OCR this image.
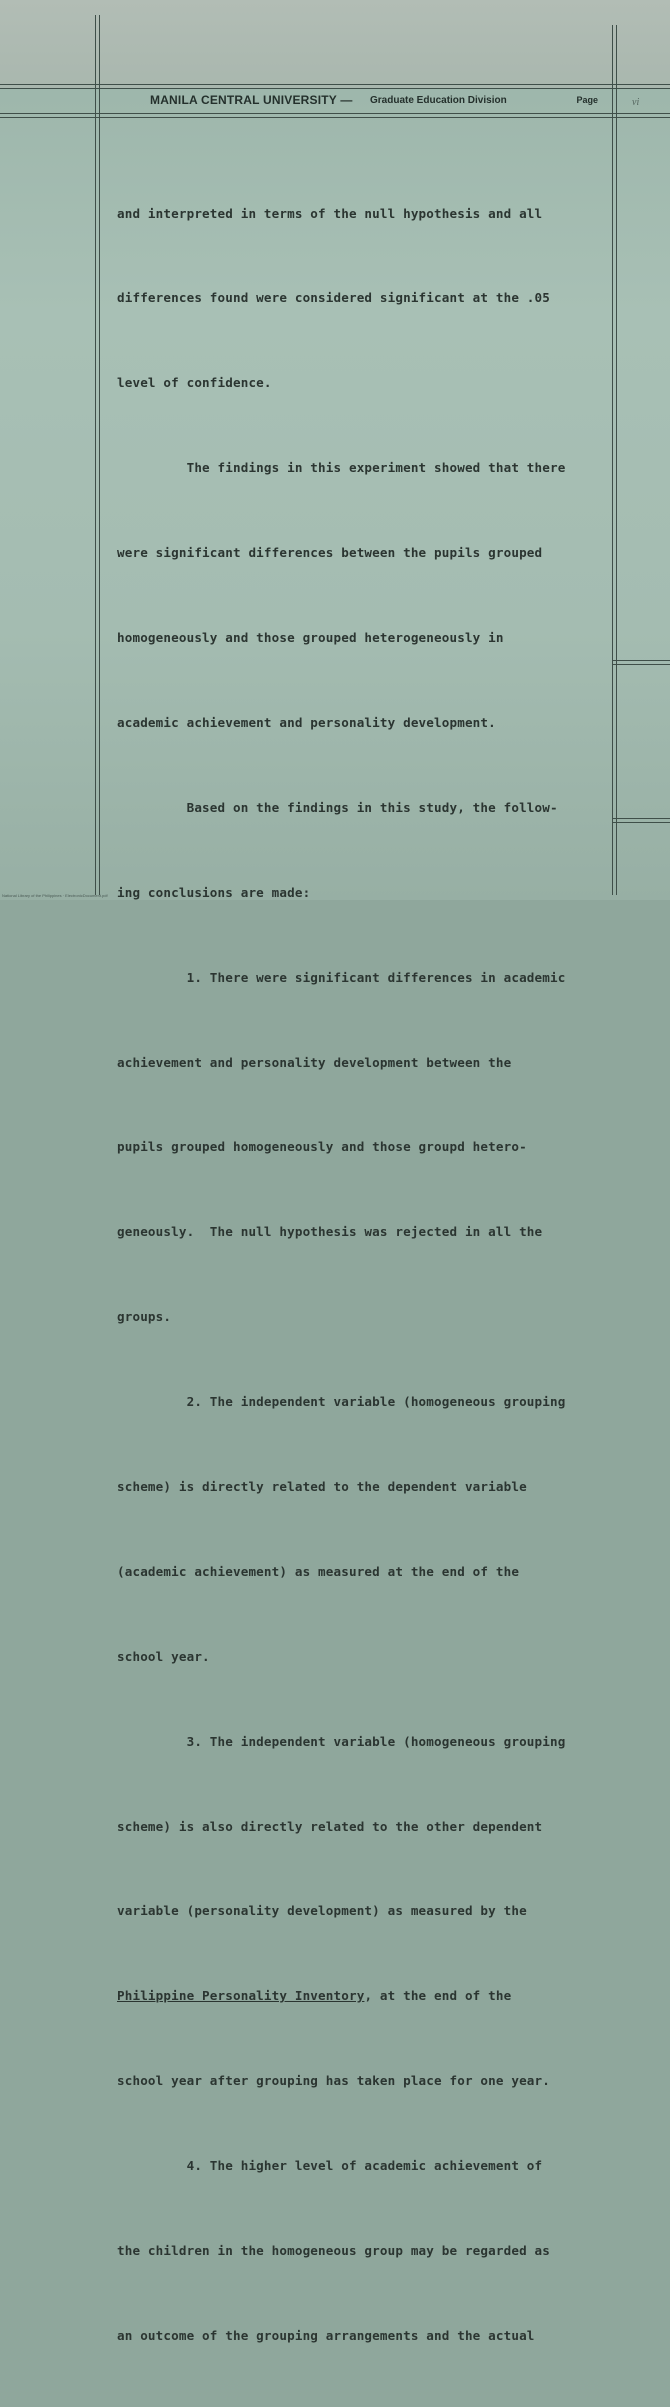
MANILA CENTRAL UNIVERSITY — Graduate Education Division	Page	vi

and interpreted in terms of the null hypothesis and all

differences found were considered significant at the .05

level of confidence.

The findings in this experiment showed that there

were significant differences between the pupils grouped

homogeneously and those grouped heterogeneously in

academic achievement and personality development.

Based on the findings in this study, the follow-

ing conclusions are made:

1. There were significant differences in academic

achievement and personality development between the

pupils grouped homogeneously and those groupd hetero-

geneously.  The null hypothesis was rejected in all the

groups.

2. The independent variable (homogeneous grouping

scheme) is directly related to the dependent variable

(academic achievement) as measured at the end of the

school year.

3. The independent variable (homogeneous grouping

scheme) is also directly related to the other dependent

variable (personality development) as measured by the

Philippine Personality Inventory, at the end of the

school year after grouping has taken place for one year.

4. The higher level of academic achievement of

the children in the homogeneous group may be regarded as

an outcome of the grouping arrangements and the actual

National Library of the Philippines · ElectronicDocument.pdf
